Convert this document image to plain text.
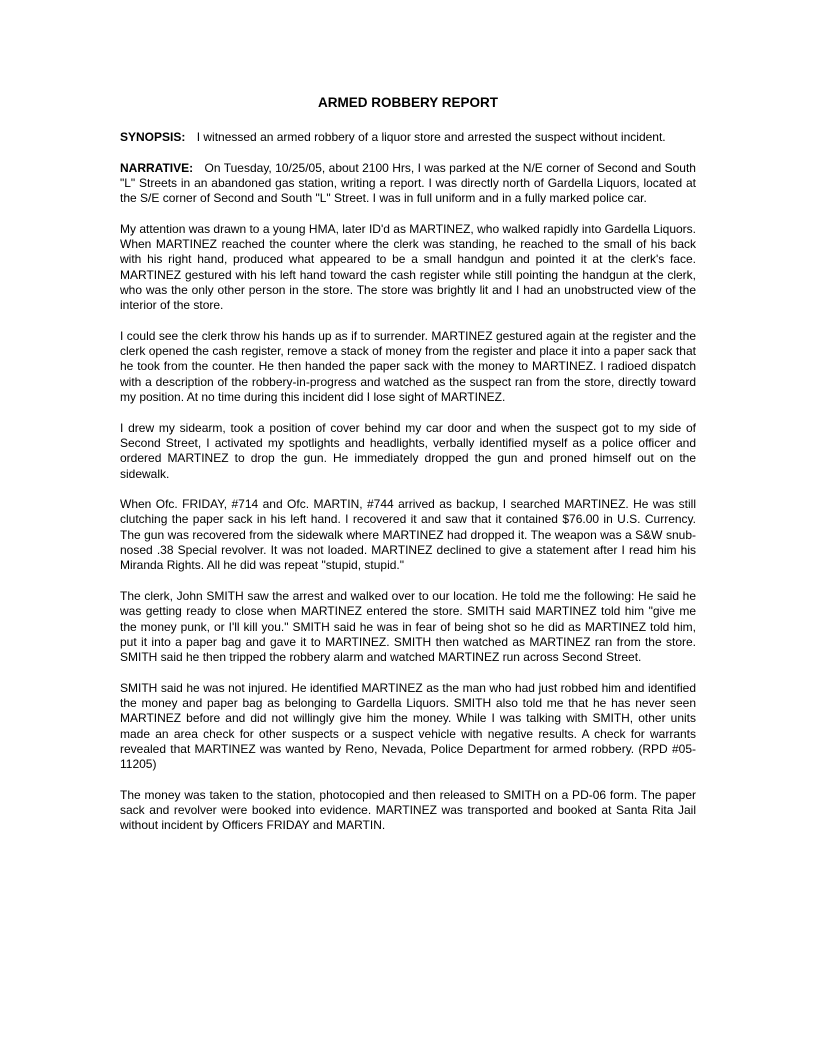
ARMED ROBBERY REPORT

SYNOPSIS: I witnessed an armed robbery of a liquor store and arrested the suspect without incident.

NARRATIVE: On Tuesday, 10/25/05, about 2100 Hrs, I was parked at the N/E corner of Second and South "L" Streets in an abandoned gas station, writing a report. I was directly north of Gardella Liquors, located at the S/E corner of Second and South "L" Street. I was in full uniform and in a fully marked police car.

My attention was drawn to a young HMA, later ID'd as MARTINEZ, who walked rapidly into Gardella Liquors. When MARTINEZ reached the counter where the clerk was standing, he reached to the small of his back with his right hand, produced what appeared to be a small handgun and pointed it at the clerk's face. MARTINEZ gestured with his left hand toward the cash register while still pointing the handgun at the clerk, who was the only other person in the store. The store was brightly lit and I had an unobstructed view of the interior of the store.

I could see the clerk throw his hands up as if to surrender. MARTINEZ gestured again at the register and the clerk opened the cash register, remove a stack of money from the register and place it into a paper sack that he took from the counter. He then handed the paper sack with the money to MARTINEZ. I radioed dispatch with a description of the robbery-in-progress and watched as the suspect ran from the store, directly toward my position. At no time during this incident did I lose sight of MARTINEZ.

I drew my sidearm, took a position of cover behind my car door and when the suspect got to my side of Second Street, I activated my spotlights and headlights, verbally identified myself as a police officer and ordered MARTINEZ to drop the gun. He immediately dropped the gun and proned himself out on the sidewalk.

When Ofc. FRIDAY, #714 and Ofc. MARTIN, #744 arrived as backup, I searched MARTINEZ. He was still clutching the paper sack in his left hand. I recovered it and saw that it contained $76.00 in U.S. Currency. The gun was recovered from the sidewalk where MARTINEZ had dropped it. The weapon was a S&W snub-nosed .38 Special revolver. It was not loaded. MARTINEZ declined to give a statement after I read him his Miranda Rights. All he did was repeat "stupid, stupid."

The clerk, John SMITH saw the arrest and walked over to our location. He told me the following: He said he was getting ready to close when MARTINEZ entered the store. SMITH said MARTINEZ told him "give me the money punk, or I'll kill you." SMITH said he was in fear of being shot so he did as MARTINEZ told him, put it into a paper bag and gave it to MARTINEZ. SMITH then watched as MARTINEZ ran from the store. SMITH said he then tripped the robbery alarm and watched MARTINEZ run across Second Street.

SMITH said he was not injured. He identified MARTINEZ as the man who had just robbed him and identified the money and paper bag as belonging to Gardella Liquors. SMITH also told me that he has never seen MARTINEZ before and did not willingly give him the money. While I was talking with SMITH, other units made an area check for other suspects or a suspect vehicle with negative results. A check for warrants revealed that MARTINEZ was wanted by Reno, Nevada, Police Department for armed robbery. (RPD #05-11205)

The money was taken to the station, photocopied and then released to SMITH on a PD-06 form. The paper sack and revolver were booked into evidence. MARTINEZ was transported and booked at Santa Rita Jail without incident by Officers FRIDAY and MARTIN.
